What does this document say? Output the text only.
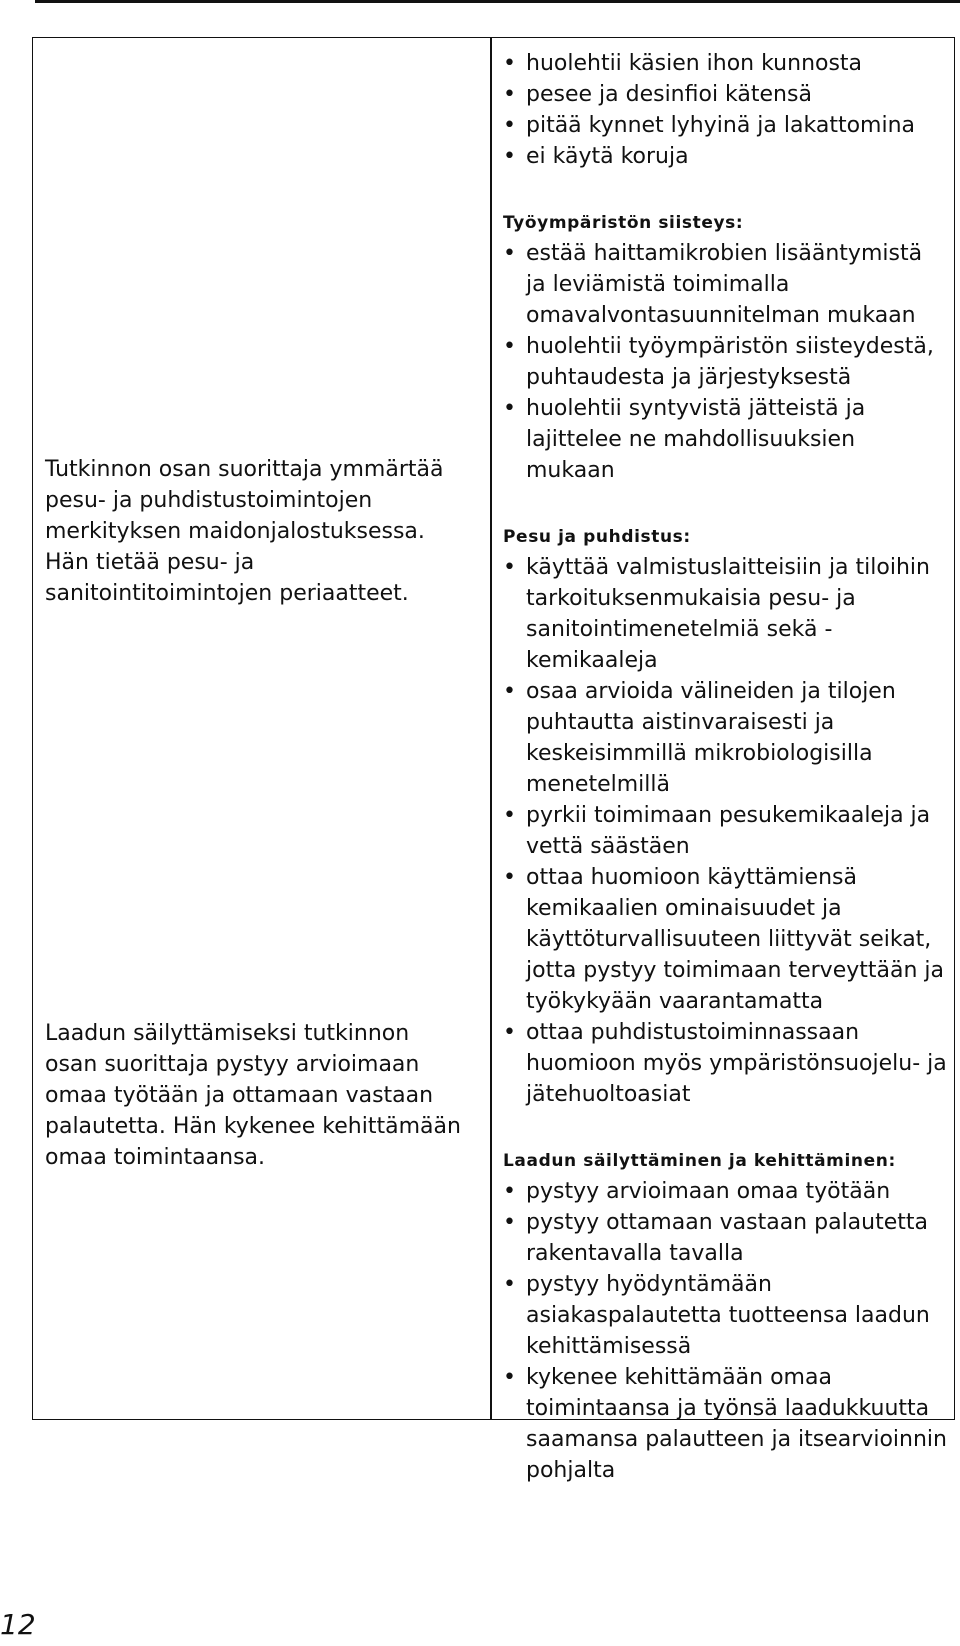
Tutkinnon osan suorittaja ymmärtää pesu- ja puhdistustoimintojen merkityksen maidonjalostuksessa. Hän tietää pesu- ja sanitointitoimintojen periaatteet.

Laadun säilyttämiseksi tutkinnon osan suorittaja pystyy arvioimaan omaa työtään ja ottamaan vastaan palautetta. Hän kykenee kehittämään omaa toimintaansa.

• huolehtii käsien ihon kunnosta
• pesee ja desinfioi kätensä
• pitää kynnet lyhyinä ja lakattomina
• ei käytä koruja
Työympäristön siisteys:
• estää haittamikrobien lisääntymistä ja leviämistä toimimalla omavalvontasuunnitelman mukaan
• huolehtii työympäristön siisteydestä, puhtaudesta ja järjestyksestä
• huolehtii syntyvistä jätteistä ja lajittelee ne mahdollisuuksien mukaan
Pesu ja puhdistus:
• käyttää valmistuslaitteisiin ja tiloihin tarkoituksenmukaisia pesu- ja sanitointimenetelmiä sekä -kemikaaleja
• osaa arvioida välineiden ja tilojen puhtautta aistinvaraisesti ja keskeisimmillä mikrobiologisilla menetelmillä
• pyrkii toimimaan pesukemikaaleja ja vettä säästäen
• ottaa huomioon käyttämiensä kemikaalien ominaisuudet ja käyttöturvallisuuteen liittyvät seikat, jotta pystyy toimimaan terveyttään ja työkykyään vaarantamatta
• ottaa puhdistustoiminnassaan huomioon myös ympäristönsuojelu- ja jätehuoltoasiat
Laadun säilyttäminen ja kehittäminen:
• pystyy arvioimaan omaa työtään
• pystyy ottamaan vastaan palautetta rakentavalla tavalla
• pystyy hyödyntämään asiakaspalautetta tuotteensa laadun kehittämisessä
• kykenee kehittämään omaa toimintaansa ja työnsä laadukkuutta saamansa palautteen ja itsearvioinnin pohjalta
12
